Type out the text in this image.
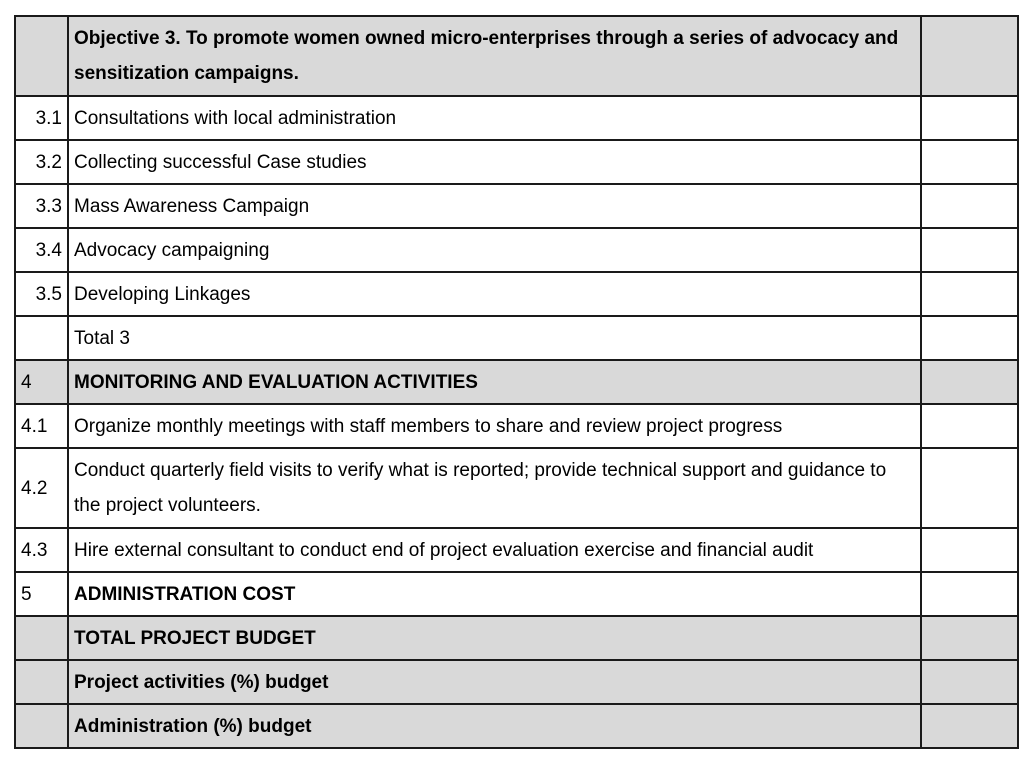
	Objective 3. To promote women owned micro-enterprises through a series of advocacy and sensitization campaigns.	
3.1	Consultations with local administration	
3.2	Collecting successful Case studies	
3.3	Mass Awareness Campaign	
3.4	Advocacy campaigning	
3.5	Developing Linkages	
	Total 3	
4	MONITORING AND EVALUATION ACTIVITIES	
4.1	Organize monthly meetings with staff members to share and review project progress	
4.2	Conduct quarterly field visits to verify what is reported; provide technical support and guidance to the project volunteers.	
4.3	Hire external consultant to conduct end of project evaluation exercise and financial audit	
5	ADMINISTRATION COST	
	TOTAL PROJECT BUDGET	
	Project activities (%) budget	
	Administration (%) budget	
